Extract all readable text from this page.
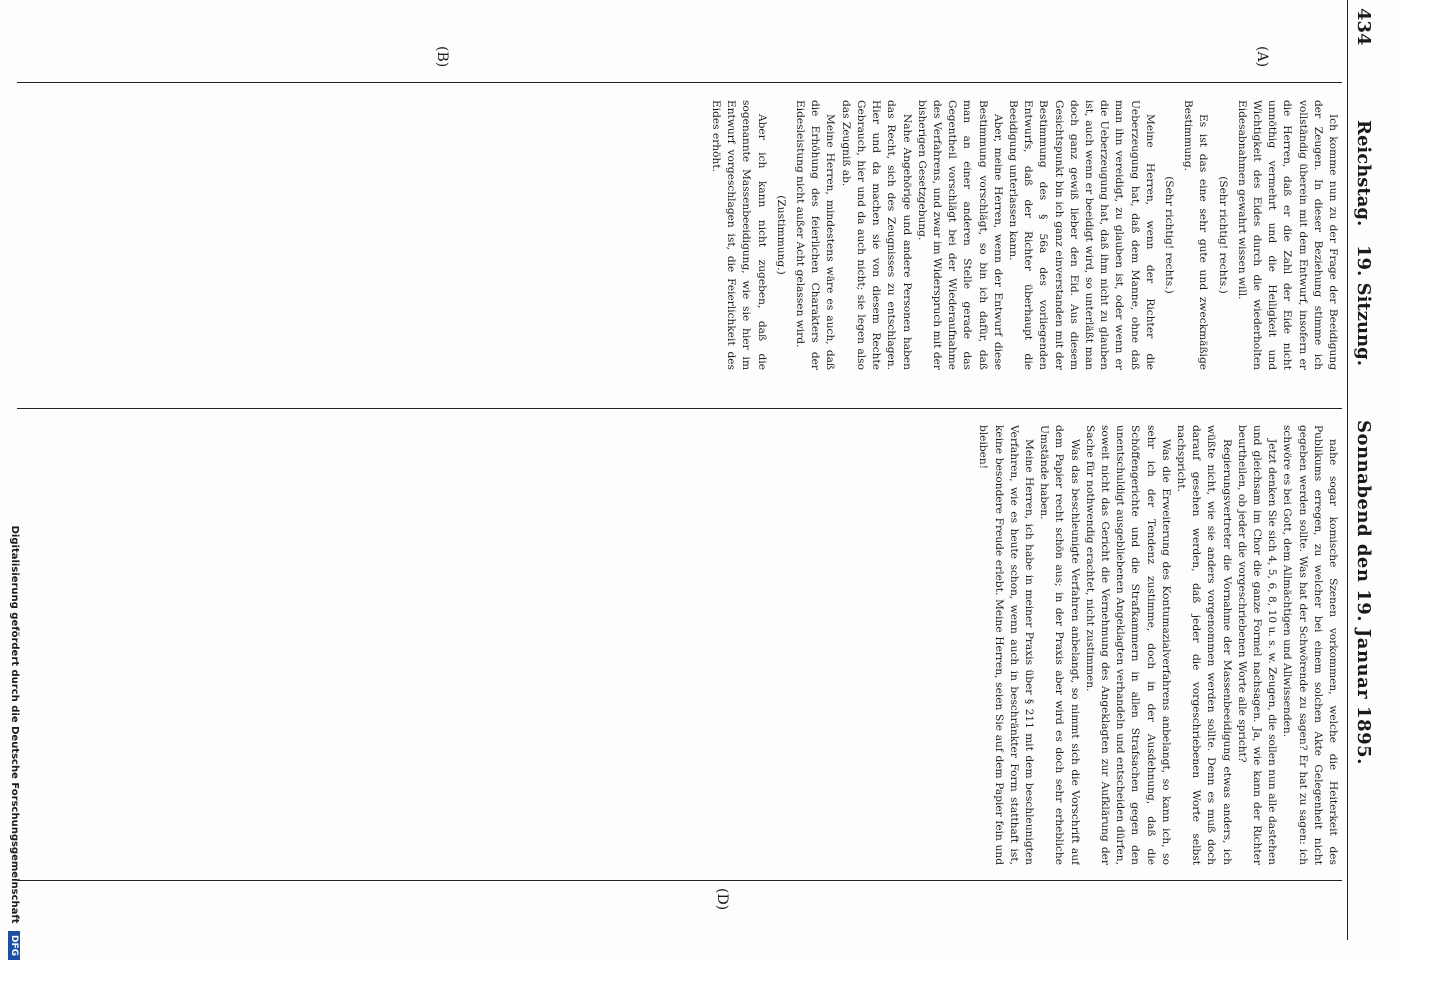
434
Reichstag.
19. Sitzung.
Sonnabend den 19. Januar 1895.
(A)
(B)
(D)

Ich komme nun zu der Frage der Beeidigung der Zeugen. In dieser Beziehung stimme ich vollständig überein mit dem Entwurf, insofern er die Herren, daß er die Zahl der Eide nicht unnöthig vermehrt und die Heiligkeit und Wichtigkeit des Eides durch die wiederholten Eidesabnahmen gewahrt wissen will.

(Sehr richtig! rechts.)

Es ist das eine sehr gute und zweckmäßige Bestimmung.

(Sehr richtig! rechts.)

Meine Herren, wenn der Richter die Ueberzeugung hat, daß dem Manne, ohne daß man ihn vereidigt, zu glauben ist, oder wenn er die Ueberzeugung hat, daß ihm nicht zu glauben ist, auch wenn er beeidigt wird, so unterläßt man doch ganz gewiß lieber den Eid. Aus diesem Gesichtspunkt bin ich ganz einverstanden mit der Bestimmung des § 56a des vorliegenden Entwurfs, daß der Richter überhaupt die Beeidigung unterlassen kann.

Aber, meine Herren, wenn der Entwurf diese Bestimmung vorschlägt, so bin ich dafür, daß man an einer anderen Stelle gerade das Gegentheil vorschlägt bei der Wiederaufnahme des Verfahrens, und zwar im Widerspruch mit der bisherigen Gesetzgebung.

Nahe Angehörige und andere Personen haben das Recht, sich des Zeugnisses zu entschlagen. Hier und da machen sie von diesem Rechte Gebrauch, hier und da auch nicht; sie legen also das Zeugniß ab.

Meine Herren, mindestens wäre es auch, daß die Erhöhung des feierlichen Charakters der Eidesleistung nicht außer Acht gelassen wird.

(Zustimmung.)

Aber ich kann nicht zugeben, daß die sogenannte Massenbeeidigung, wie sie hier im Entwurf vorgeschlagen ist, die Feierlichkeit des Eides erhöht.

nahe sogar komische Szenen vorkommen, welche die Heiterkeit des Publikums erregen, zu welcher bei einem solchen Akte Gelegenheit nicht gegeben werden sollte. Was hat der Schwörende zu sagen? Er hat zu sagen: ich schwöre es bei Gott, dem Allmächtigen und Allwissenden.

Jetzt denken Sie sich 4, 5, 6, 8, 10 u. s. w. Zeugen, die sollen nun alle dastehen und gleichsam im Chor die ganze Formel nachsagen. Ja, wie kann der Richter beurtheilen, ob jeder die vorgeschriebenen Worte alle spricht?

Regierungsvertreter die Vornahme der Massenbeeidigung etwas anders, ich wüßte nicht, wie sie anders vorgenommen werden sollte. Denn es muß doch darauf gesehen werden, daß jeder die vorgeschriebenen Worte selbst nachspricht.

Was die Erweiterung des Kontumazialverfahrens anbelangt, so kann ich, so sehr ich der Tendenz zustimme, doch in der Ausdehnung, daß die Schöffengerichte und die Strafkammern in allen Strafsachen gegen den unentschuldigt ausgebliebenen Angeklagten verhandeln und entscheiden dürfen, soweit nicht das Gericht die Vernehmung des Angeklagten zur Aufklärung der Sache für nothwendig erachtet, nicht zustimmen.

Was das beschleunigte Verfahren anbelangt, so nimmt sich die Vorschrift auf dem Papier recht schön aus; in der Praxis aber wird es doch sehr erhebliche Umstände haben.

Meine Herren, ich habe in meiner Praxis über § 211 mit dem beschleunigten Verfahren, wie es heute schon, wenn auch in beschränkter Form statthaft ist, keine besondere Freude erlebt. Meine Herren, seien Sie auf dem Papier fein und bleiben!

Digitalisierung gefördert durch die Deutsche Forschungsgemeinschaft DFG
